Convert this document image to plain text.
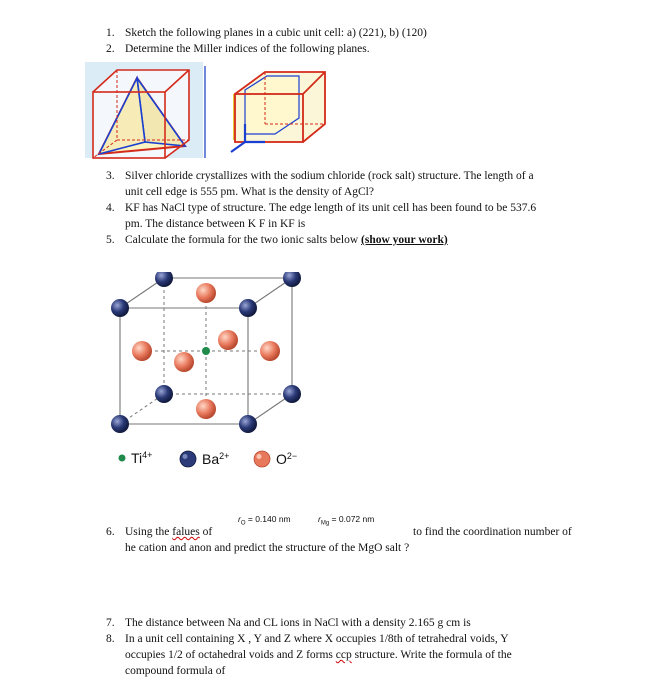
1. Sketch the following planes in a cubic unit cell: a) (221), b) (120)
2. Determine the Miller indices of the following planes.
3. Silver chloride crystallizes with the sodium chloride (rock salt) structure. The length of a
unit cell edge is 555 pm. What is the density of AgCl?
4. KF has NaCl type of structure. The edge length of its unit cell has been found to be 537.6
pm. The distance between K F in KF is
5. Calculate the formula for the two ionic salts below (show your work)
$Ti^{4+}$	$Ba^{2+}$	$O^{2-}$
$r_O = 0.140$ nm	$r_{Mg} = 0.072$ nm
6. Using the falues of	to find the coordination number of
he cation and anon and predict the structure of the MgO salt ?
7. The distance between Na and CL ions in NaCl with a density 2.165 g cm is
8. In a unit cell containing X , Y and Z where X occupies 1/8th of tetrahedral voids, Y
occupies 1/2 of octahedral voids and Z forms ccp structure. Write the formula of the
compound formula of
